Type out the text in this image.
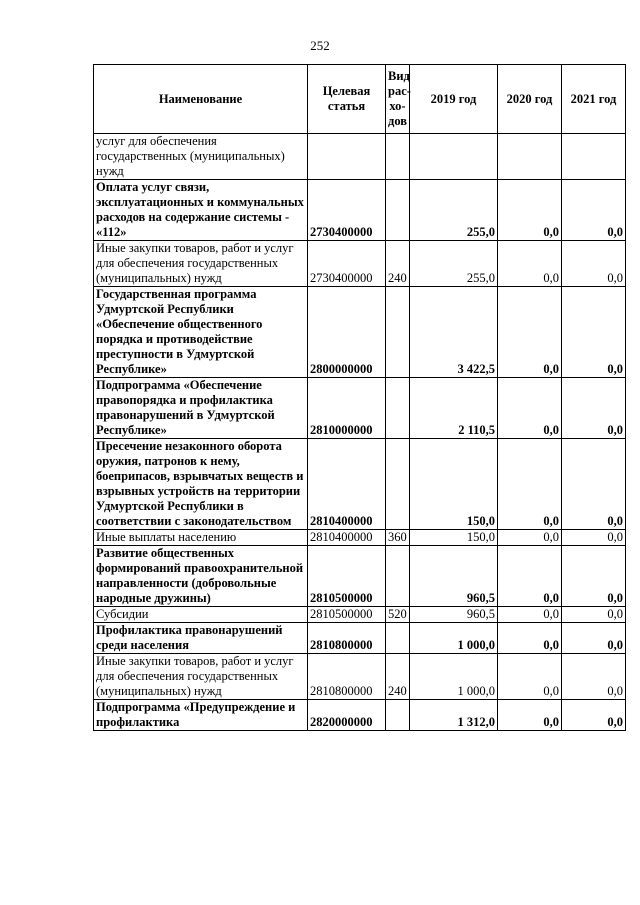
252
Наименование	Целевая статья	Вид рас-хо-дов	2019 год	2020 год	2021 год
услуг для обеспечения государственных (муниципальных) нужд					
Оплата услуг связи, эксплуатационных и коммунальных расходов на содержание системы - «112»	2730400000		255,0	0,0	0,0
Иные закупки товаров, работ и услуг для обеспечения государственных (муниципальных) нужд	2730400000	240	255,0	0,0	0,0
Государственная программа Удмуртской Республики «Обеспечение общественного порядка и противодействие преступности в Удмуртской Республике»	2800000000		3 422,5	0,0	0,0
Подпрограмма «Обеспечение правопорядка и профилактика правонарушений в Удмуртской Республике»	2810000000		2 110,5	0,0	0,0
Пресечение незаконного оборота оружия, патронов к нему, боеприпасов, взрывчатых веществ и взрывных устройств на территории Удмуртской Республики в соответствии с законодательством	2810400000		150,0	0,0	0,0
Иные выплаты населению	2810400000	360	150,0	0,0	0,0
Развитие общественных формирований правоохранительной направленности (добровольные народные дружины)	2810500000		960,5	0,0	0,0
Субсидии	2810500000	520	960,5	0,0	0,0
Профилактика правонарушений среди населения	2810800000		1 000,0	0,0	0,0
Иные закупки товаров, работ и услуг для обеспечения государственных (муниципальных) нужд	2810800000	240	1 000,0	0,0	0,0
Подпрограмма «Предупреждение и профилактика	2820000000		1 312,0	0,0	0,0
